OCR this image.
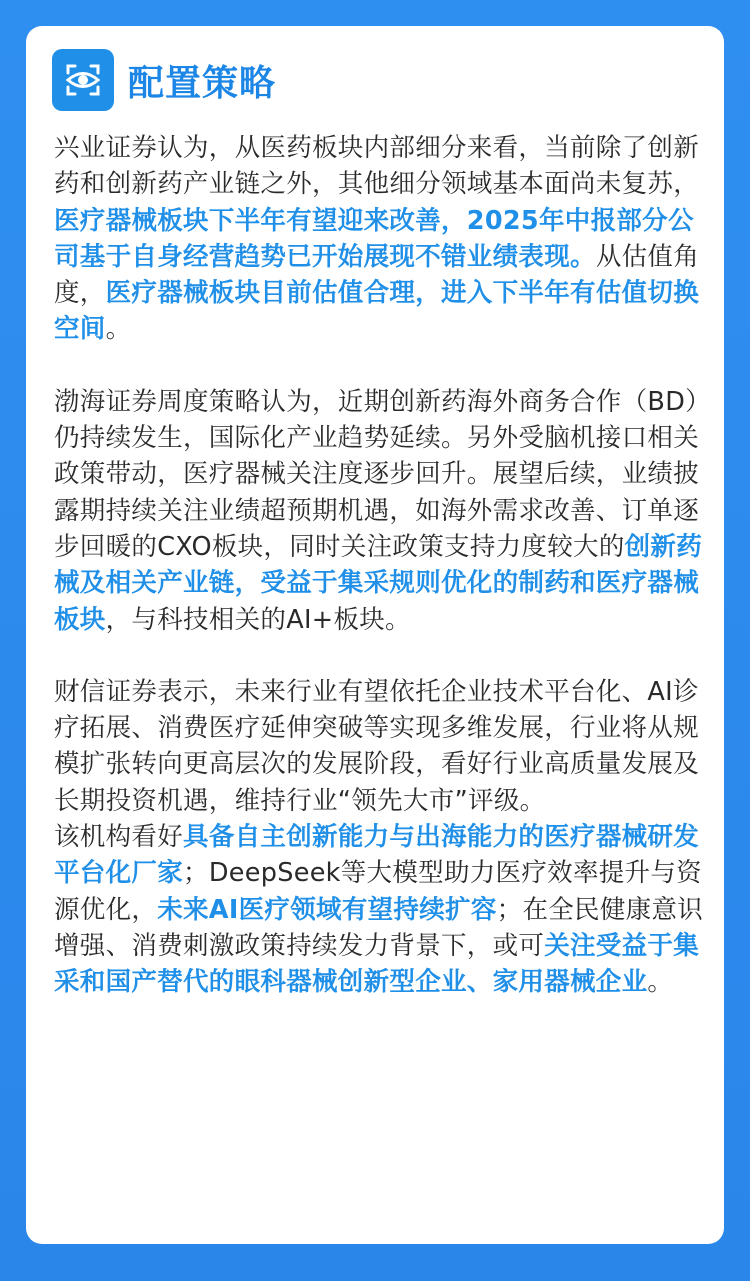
配置策略

兴业证券认为，从医药板块内部细分来看，当前除了创新药和创新药产业链之外，其他细分领域基本面尚未复苏，医疗器械板块下半年有望迎来改善，2025年中报部分公司基于自身经营趋势已开始展现不错业绩表现。从估值角度，医疗器械板块目前估值合理，进入下半年有估值切换空间。

渤海证券周度策略认为，近期创新药海外商务合作（BD）仍持续发生，国际化产业趋势延续。另外受脑机接口相关政策带动，医疗器械关注度逐步回升。展望后续，业绩披露期持续关注业绩超预期机遇，如海外需求改善、订单逐步回暖的CXO板块，同时关注政策支持力度较大的创新药械及相关产业链，受益于集采规则优化的制药和医疗器械板块，与科技相关的AI+板块。

财信证券表示，未来行业有望依托企业技术平台化、AI诊疗拓展、消费医疗延伸突破等实现多维发展，行业将从规模扩张转向更高层次的发展阶段，看好行业高质量发展及长期投资机遇，维持行业“领先大市”评级。

该机构看好具备自主创新能力与出海能力的医疗器械研发平台化厂家；DeepSeek等大模型助力医疗效率提升与资源优化，未来AI医疗领域有望持续扩容；在全民健康意识增强、消费刺激政策持续发力背景下，或可关注受益于集采和国产替代的眼科器械创新型企业、家用器械企业。
